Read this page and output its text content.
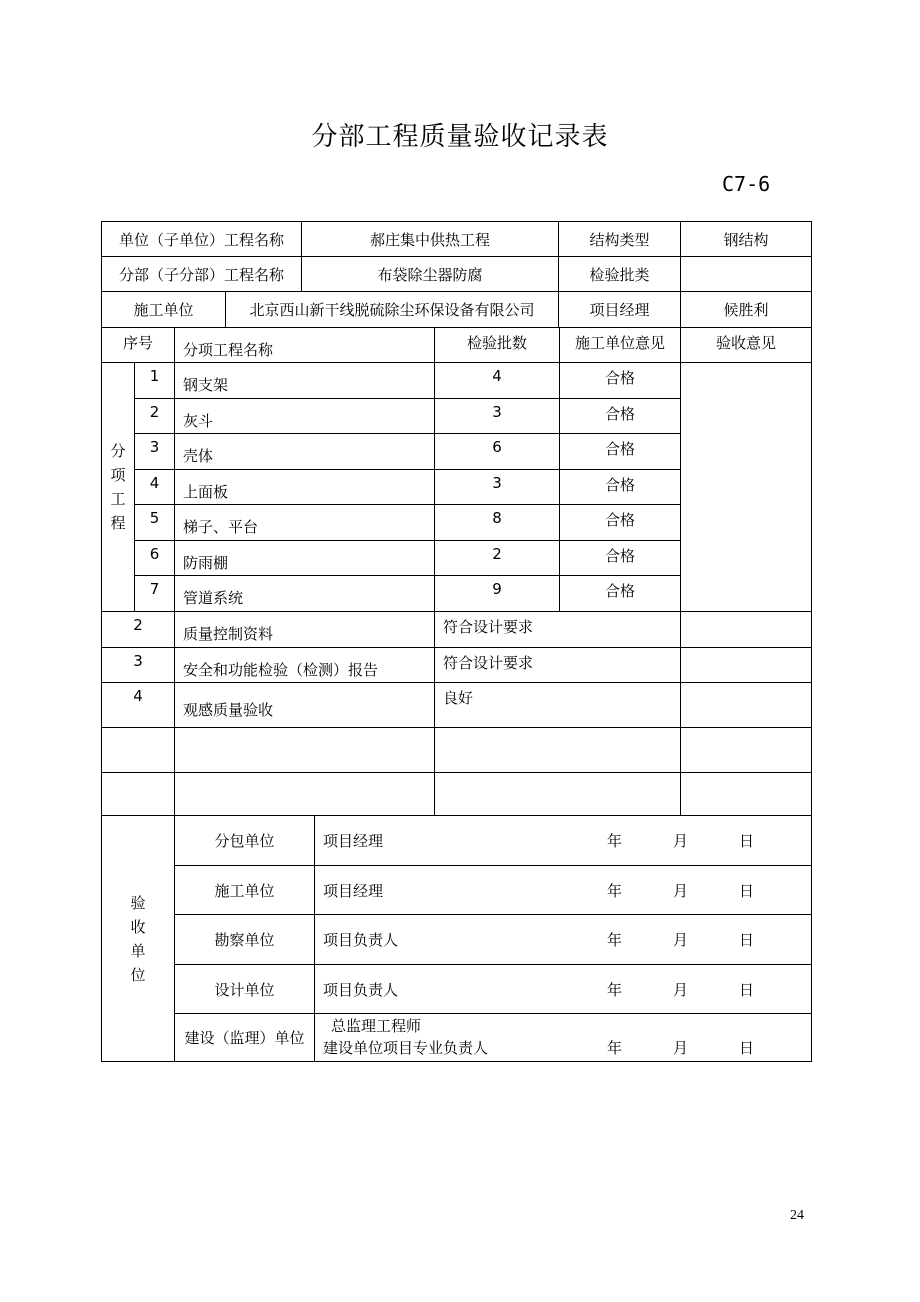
分部工程质量验收记录表
C7-6
单位（子单位）工程名称	郝庄集中供热工程	结构类型	钢结构
分部（子分部）工程名称	布袋除尘器防腐	检验批类	
施工单位	北京西山新干线脱硫除尘环保设备有限公司	项目经理	候胜利
序号		分项工程名称	检验批数	施工单位意见	验收意见

分
项
工
程	1	钢支架	4	合格	
	2	灰斗	3	合格	
	3	壳体	6	合格	
	4	上面板	3	合格	
	5	梯子、平台	8	合格	
	6	防雨棚	2	合格	
	7	管道系统	9	合格	
2	质量控制资料	符合设计要求	
3	安全和功能检验（检测）报告	符合设计要求	
4	观感质量验收	良好	

验
收
单
位	分包单位	项目经理 年 月 日

	施工单位	项目经理 年 月 日

	勘察单位	项目负责人 年 月 日

	设计单位	项目负责人 年 月 日

	建设（监理）单位	总监理工程师
建设单位项目专业负责人 年 月 日
24
